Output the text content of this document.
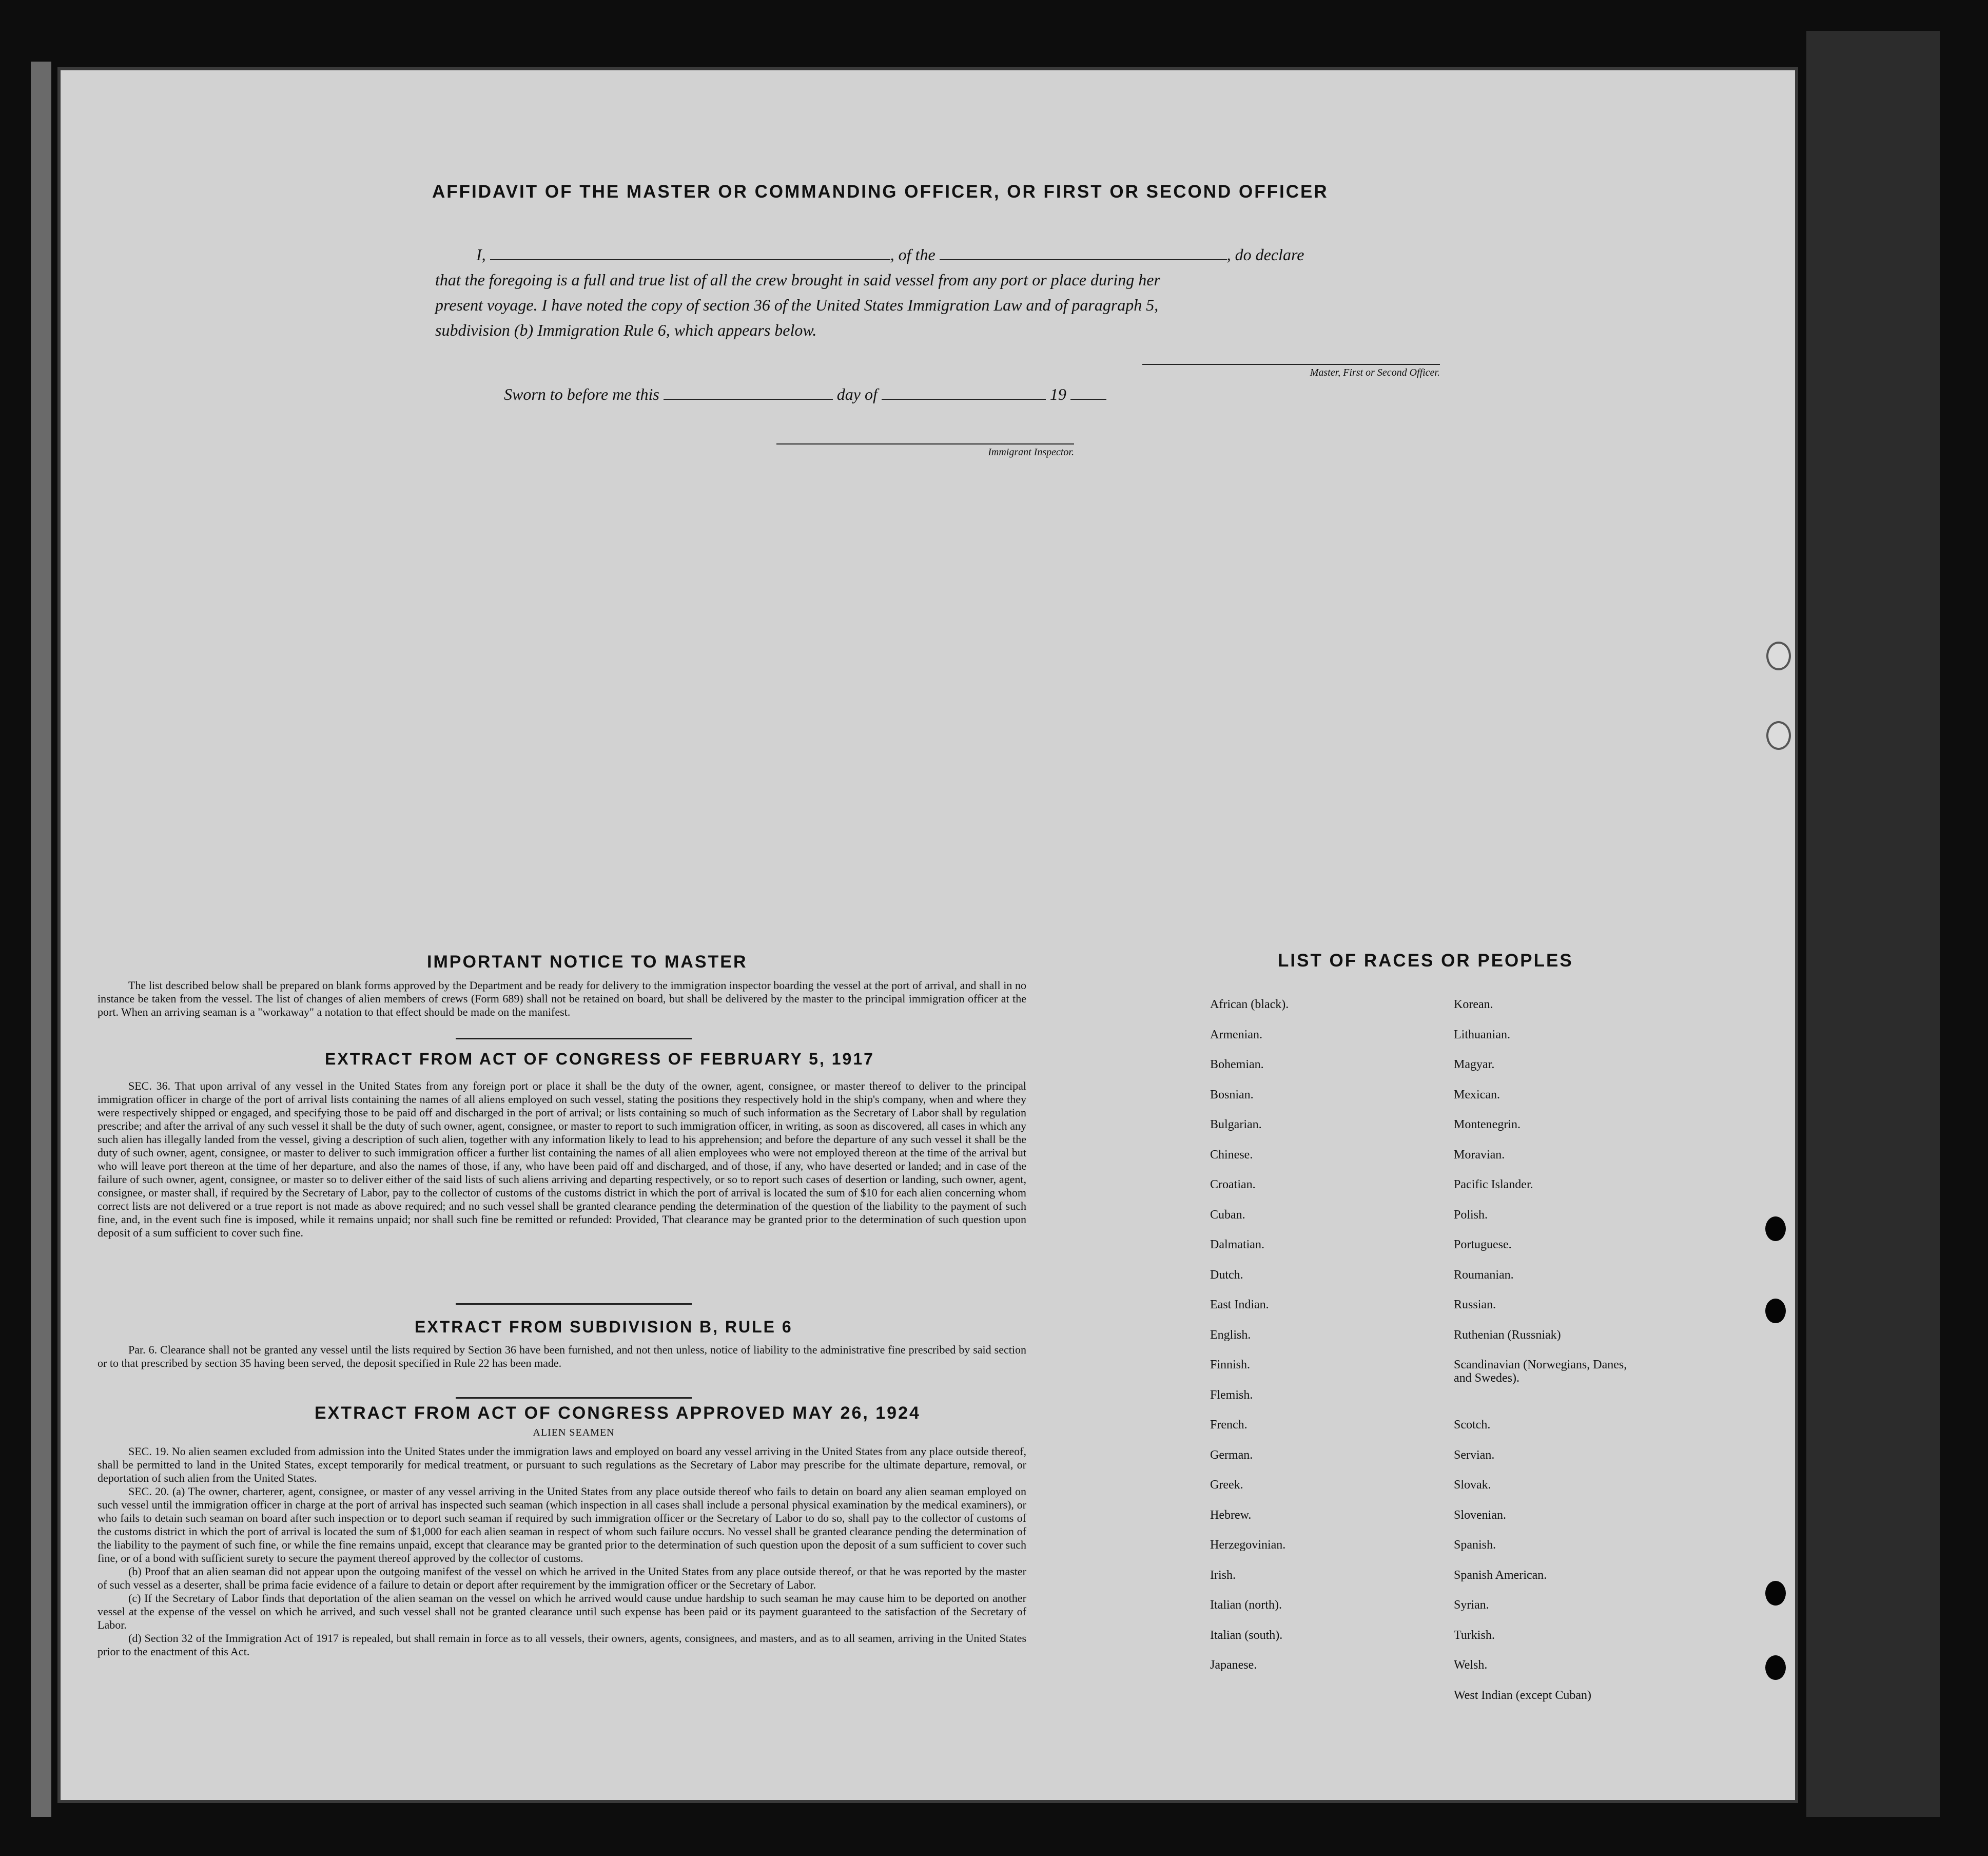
AFFIDAVIT OF THE MASTER OR COMMANDING OFFICER, OR FIRST OR SECOND OFFICER
I,	, of the	, do declare
that the foregoing is a full and true list of all the crew brought in said vessel from any port or place during her
present voyage. I have noted the copy of section 36 of the United States Immigration Law and of paragraph 5,
subdivision (b) Immigration Rule 6, which appears below.
Master, First or Second Officer.
Sworn to before me this	day of	19
Immigrant Inspector.
IMPORTANT NOTICE TO MASTER
The list described below shall be prepared on blank forms approved by the Department and be ready for delivery to the immigration inspector boarding the vessel at the port of arrival, and shall in no instance be taken from the vessel. The list of changes of alien members of crews (Form 689) shall not be retained on board, but shall be delivered by the master to the principal immigration officer at the port. When an arriving seaman is a "workaway" a notation to that effect should be made on the manifest.
EXTRACT FROM ACT OF CONGRESS OF FEBRUARY 5, 1917
SEC. 36. That upon arrival of any vessel in the United States from any foreign port or place it shall be the duty of the owner, agent, consignee, or master thereof to deliver to the principal immigration officer in charge of the port of arrival lists containing the names of all aliens employed on such vessel, stating the positions they respectively hold in the ship's company, when and where they were respectively shipped or engaged, and specifying those to be paid off and discharged in the port of arrival; or lists containing so much of such information as the Secretary of Labor shall by regulation prescribe; and after the arrival of any such vessel it shall be the duty of such owner, agent, consignee, or master to report to such immigration officer, in writing, as soon as discovered, all cases in which any such alien has illegally landed from the vessel, giving a description of such alien, together with any information likely to lead to his apprehension; and before the departure of any such vessel it shall be the duty of such owner, agent, consignee, or master to deliver to such immigration officer a further list containing the names of all alien employees who were not employed thereon at the time of the arrival but who will leave port thereon at the time of her departure, and also the names of those, if any, who have been paid off and discharged, and of those, if any, who have deserted or landed; and in case of the failure of such owner, agent, consignee, or master so to deliver either of the said lists of such aliens arriving and departing respectively, or so to report such cases of desertion or landing, such owner, agent, consignee, or master shall, if required by the Secretary of Labor, pay to the collector of customs of the customs district in which the port of arrival is located the sum of $10 for each alien concerning whom correct lists are not delivered or a true report is not made as above required; and no such vessel shall be granted clearance pending the determination of the question of the liability to the payment of such fine, and, in the event such fine is imposed, while it remains unpaid; nor shall such fine be remitted or refunded: Provided, That clearance may be granted prior to the determination of such question upon deposit of a sum sufficient to cover such fine.
EXTRACT FROM SUBDIVISION B, RULE 6
Par. 6. Clearance shall not be granted any vessel until the lists required by Section 36 have been furnished, and not then unless, notice of liability to the administrative fine prescribed by said section or to that prescribed by section 35 having been served, the deposit specified in Rule 22 has been made.
EXTRACT FROM ACT OF CONGRESS APPROVED MAY 26, 1924
ALIEN SEAMEN
SEC. 19. No alien seamen excluded from admission into the United States under the immigration laws and employed on board any vessel arriving in the United States from any place outside thereof, shall be permitted to land in the United States, except temporarily for medical treatment, or pursuant to such regulations as the Secretary of Labor may prescribe for the ultimate departure, removal, or deportation of such alien from the United States.
SEC. 20. (a) The owner, charterer, agent, consignee, or master of any vessel arriving in the United States from any place outside thereof who fails to detain on board any alien seaman employed on such vessel until the immigration officer in charge at the port of arrival has inspected such seaman (which inspection in all cases shall include a personal physical examination by the medical examiners), or who fails to detain such seaman on board after such inspection or to deport such seaman if required by such immigration officer or the Secretary of Labor to do so, shall pay to the collector of customs of the customs district in which the port of arrival is located the sum of $1,000 for each alien seaman in respect of whom such failure occurs. No vessel shall be granted clearance pending the determination of the liability to the payment of such fine, or while the fine remains unpaid, except that clearance may be granted prior to the determination of such question upon the deposit of a sum sufficient to cover such fine, or of a bond with sufficient surety to secure the payment thereof approved by the collector of customs.
(b) Proof that an alien seaman did not appear upon the outgoing manifest of the vessel on which he arrived in the United States from any place outside thereof, or that he was reported by the master of such vessel as a deserter, shall be prima facie evidence of a failure to detain or deport after requirement by the immigration officer or the Secretary of Labor.
(c) If the Secretary of Labor finds that deportation of the alien seaman on the vessel on which he arrived would cause undue hardship to such seaman he may cause him to be deported on another vessel at the expense of the vessel on which he arrived, and such vessel shall not be granted clearance until such expense has been paid or its payment guaranteed to the satisfaction of the Secretary of Labor.
(d) Section 32 of the Immigration Act of 1917 is repealed, but shall remain in force as to all vessels, their owners, agents, consignees, and masters, and as to all seamen, arriving in the United States prior to the enactment of this Act.
LIST OF RACES OR PEOPLES
African (black).
Armenian.
Bohemian.
Bosnian.
Bulgarian.
Chinese.
Croatian.
Cuban.
Dalmatian.
Dutch.
East Indian.
English.
Finnish.
Flemish.
French.
German.
Greek.
Hebrew.
Herzegovinian.
Irish.
Italian (north).
Italian (south).
Japanese.
Korean.
Lithuanian.
Magyar.
Mexican.
Montenegrin.
Moravian.
Pacific Islander.
Polish.
Portuguese.
Roumanian.
Russian.
Ruthenian (Russniak)
Scandinavian (Norwegians, Danes, and Swedes).
Scotch.
Servian.
Slovak.
Slovenian.
Spanish.
Spanish American.
Syrian.
Turkish.
Welsh.
West Indian (except Cuban)
